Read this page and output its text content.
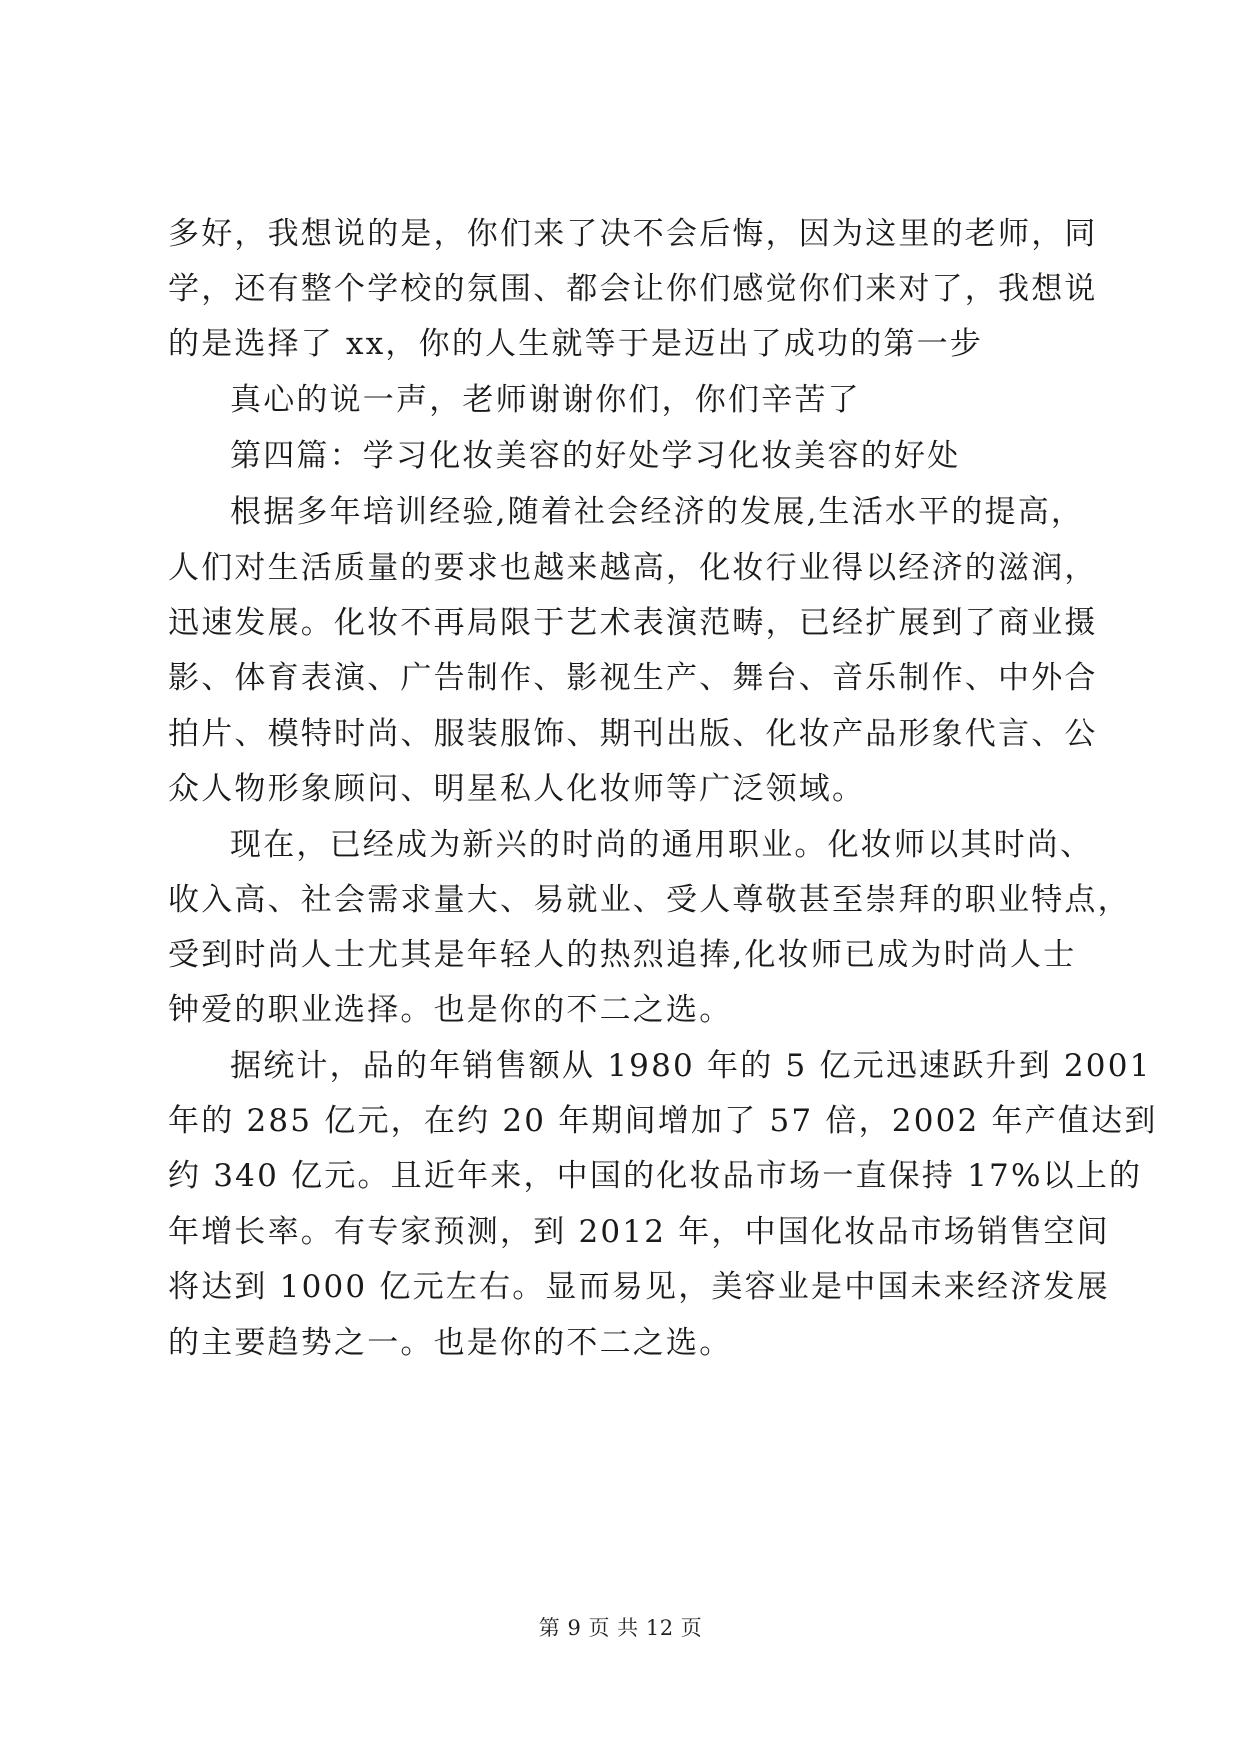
多好，我想说的是，你们来了决不会后悔，因为这里的老师，同
学，还有整个学校的氛围、都会让你们感觉你们来对了，我想说
的是选择了 xx，你的人生就等于是迈出了成功的第一步
真心的说一声，老师谢谢你们，你们辛苦了
第四篇：学习化妆美容的好处学习化妆美容的好处
根据多年培训经验,随着社会经济的发展,生活水平的提高，
人们对生活质量的要求也越来越高，化妆行业得以经济的滋润，
迅速发展。化妆不再局限于艺术表演范畴，已经扩展到了商业摄
影、体育表演、广告制作、影视生产、舞台、音乐制作、中外合
拍片、模特时尚、服装服饰、期刊出版、化妆产品形象代言、公
众人物形象顾问、明星私人化妆师等广泛领域。
现在，已经成为新兴的时尚的通用职业。化妆师以其时尚、
收入高、社会需求量大、易就业、受人尊敬甚至崇拜的职业特点，
受到时尚人士尤其是年轻人的热烈追捧,化妆师已成为时尚人士
钟爱的职业选择。也是你的不二之选。
据统计，品的年销售额从 1980 年的 5 亿元迅速跃升到 2001
年的 285 亿元，在约 20 年期间增加了 57 倍，2002 年产值达到
约 340 亿元。且近年来，中国的化妆品市场一直保持 17%以上的
年增长率。有专家预测，到 2012 年，中国化妆品市场销售空间
将达到 1000 亿元左右。显而易见，美容业是中国未来经济发展
的主要趋势之一。也是你的不二之选。
第 9 页 共 12 页
